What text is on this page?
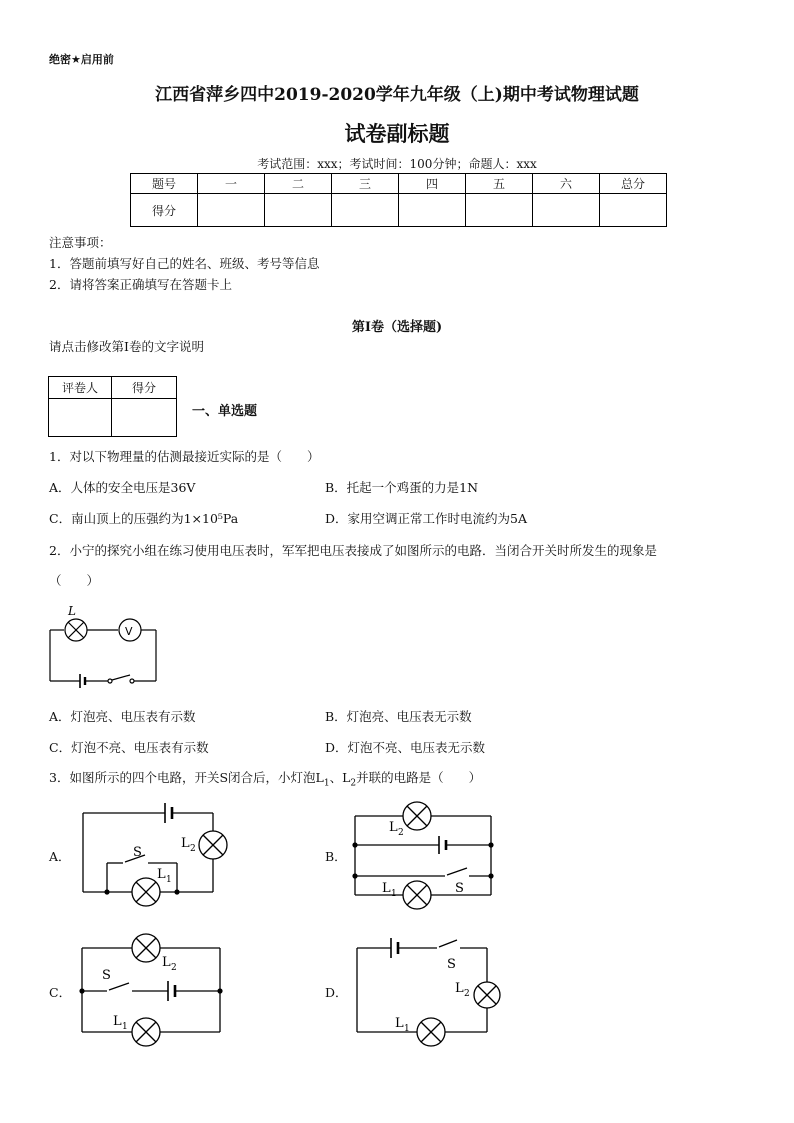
绝密★启用前
江西省萍乡四中2019-2020学年九年级（上)期中考试物理试题
试卷副标题
考试范围：xxx；考试时间：100分钟；命题人：xxx
题号	一	二	三	四	五	六	总分
得分							
注意事项：
1．答题前填写好自己的姓名、班级、考号等信息
2．请将答案正确填写在答题卡上
第I卷（选择题)
请点击修改第I卷的文字说明
评卷人	得分

一、单选题
1．对以下物理量的估测最接近实际的是（　　）
A．人体的安全电压是36V	B．托起一个鸡蛋的力是1N
C．南山顶上的压强约为1×10⁵Pa	D．家用空调正常工作时电流约为5A
2．小宁的探究小组在练习使用电压表时，军军把电压表接成了如图所示的电路．当闭合开关时所发生的现象是
（　　）
L
V
A．灯泡亮、电压表有示数	B．灯泡亮、电压表无示数
C．灯泡不亮、电压表有示数	D．灯泡不亮、电压表无示数
3．如图所示的四个电路，开关S闭合后，小灯泡$L_1$、$L_2$并联的电路是（　　）
A．	S
L 1
L 2	B．
L 2
L 1	S
C．
S
L 2
L 1
D．
S
L 2
L 1
